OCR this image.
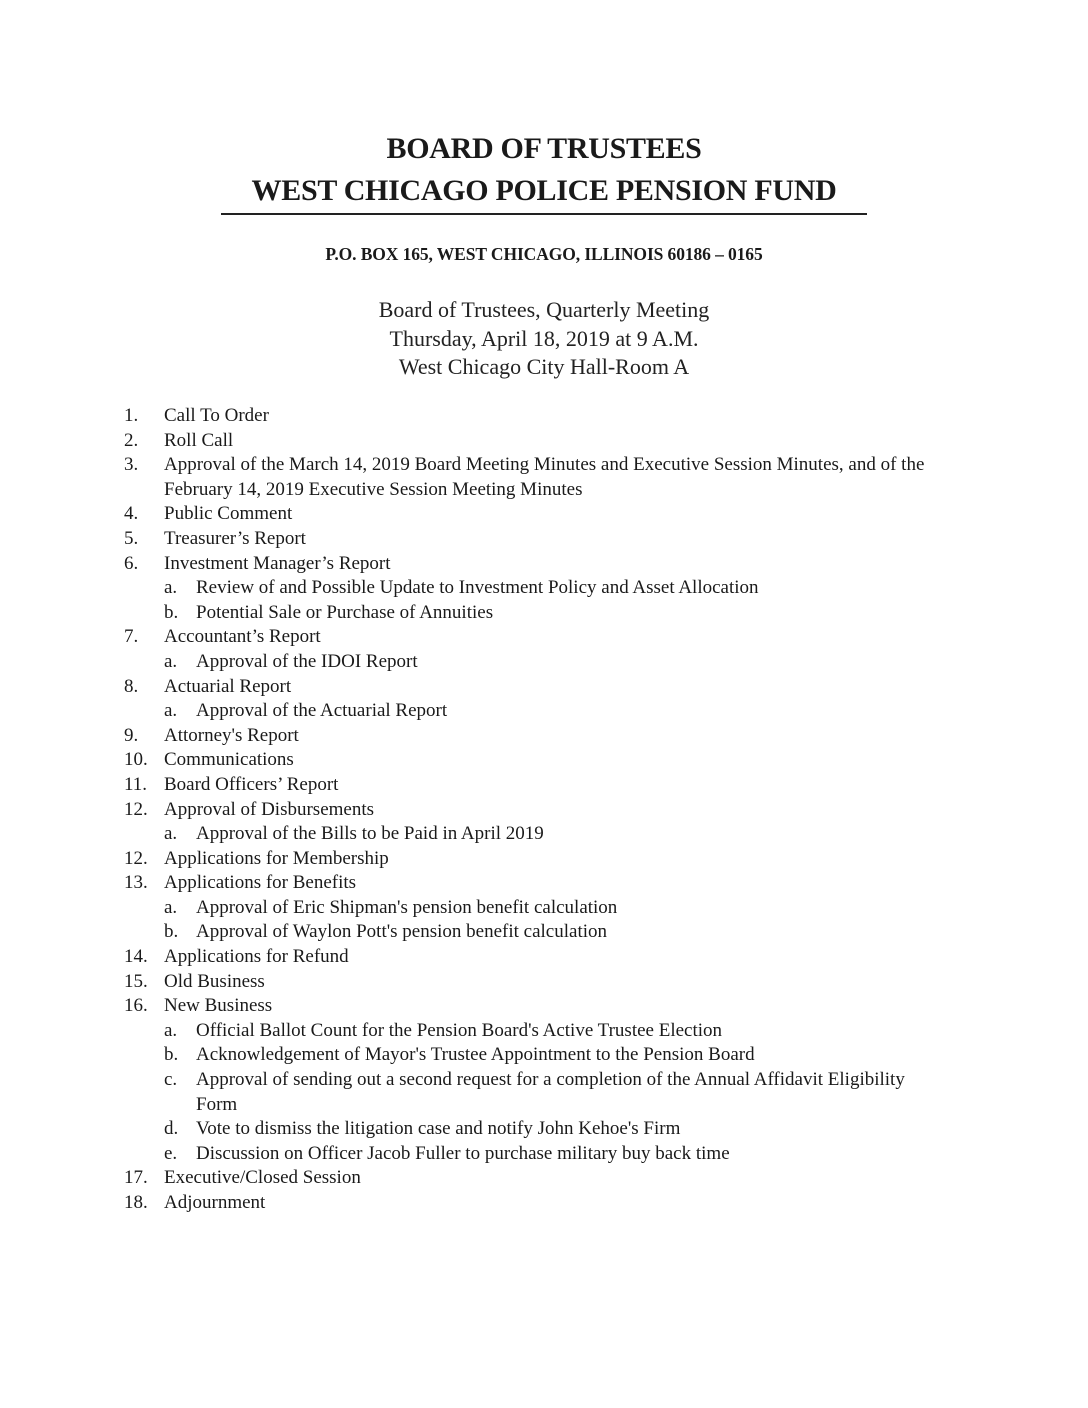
BOARD OF TRUSTEES
WEST CHICAGO POLICE PENSION FUND
P.O. BOX 165, WEST CHICAGO, ILLINOIS 60186 – 0165
Board of Trustees, Quarterly Meeting
Thursday, April 18, 2019 at 9 A.M.
West Chicago City Hall-Room A
1.	Call To Order
2.	Roll Call
3.	Approval of the March 14, 2019 Board Meeting Minutes and Executive Session Minutes, and of the February 14, 2019 Executive Session Meeting Minutes
4.	Public Comment
5.	Treasurer’s Report
6.	Investment Manager’s Report
a. Review of and Possible Update to Investment Policy and Asset Allocation
b. Potential Sale or Purchase of Annuities
7.	Accountant’s Report
a. Approval of the IDOI Report
8.	Actuarial Report
a. Approval of the Actuarial Report
9.	Attorney's Report
10. Communications
11. Board Officers’ Report
12. Approval of Disbursements
a. Approval of the Bills to be Paid in April 2019
12. Applications for Membership
13. Applications for Benefits
a. Approval of Eric Shipman's pension benefit calculation
b. Approval of Waylon Pott's pension benefit calculation
14. Applications for Refund
15. Old Business
16. New Business
a. Official Ballot Count for the Pension Board's Active Trustee Election
b. Acknowledgement of Mayor's Trustee Appointment to the Pension Board
c. Approval of sending out a second request for a completion of the Annual Affidavit Eligibility Form
d. Vote to dismiss the litigation case and notify John Kehoe's Firm
e. Discussion on Officer Jacob Fuller to purchase military buy back time
17. Executive/Closed Session
18. Adjournment
